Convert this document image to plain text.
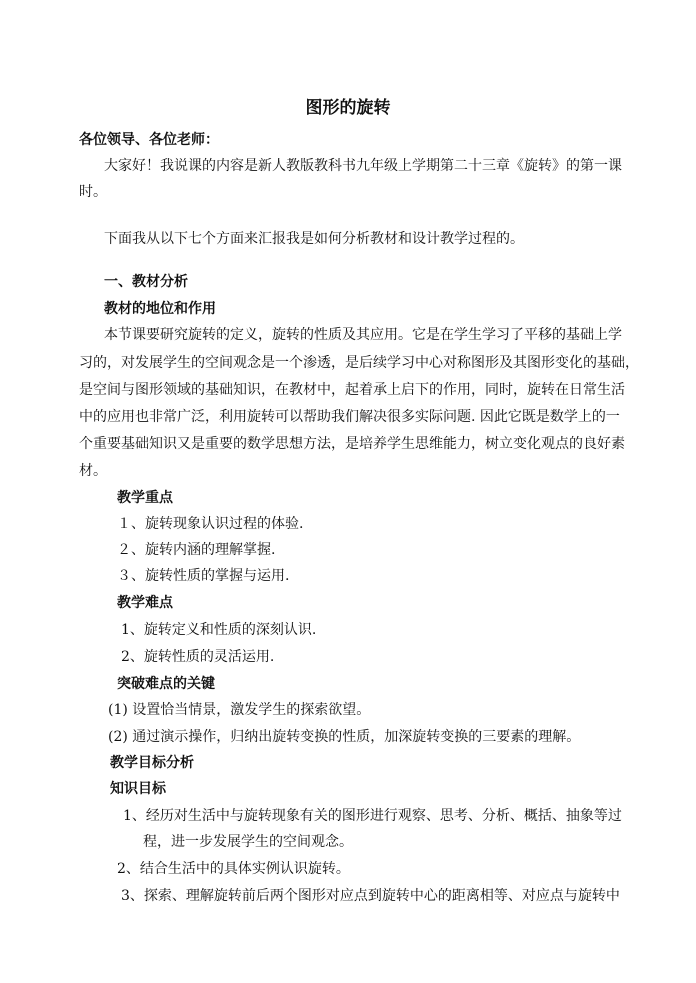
图形的旋转
各位领导、各位老师：
大家好！我说课的内容是新人教版教科书九年级上学期第二十三章《旋转》的第一课
时。
下面我从以下七个方面来汇报我是如何分析教材和设计教学过程的。
一、教材分析
教材的地位和作用
本节课要研究旋转的定义，旋转的性质及其应用。它是在学生学习了平移的基础上学
习的，对发展学生的空间观念是一个渗透，是后续学习中心对称图形及其图形变化的基础，
是空间与图形领域的基础知识，在教材中，起着承上启下的作用，同时，旋转在日常生活
中的应用也非常广泛，利用旋转可以帮助我们解决很多实际问题. 因此它既是数学上的一
个重要基础知识又是重要的数学思想方法，是培养学生思维能力，树立变化观点的良好素
材。
教学重点
１、旋转现象认识过程的体验.
２、旋转内涵的理解掌握.
３、旋转性质的掌握与运用.
教学难点
1、旋转定义和性质的深刻认识.
2、旋转性质的灵活运用.
突破难点的关键
(1) 设置恰当情景，激发学生的探索欲望。
(2) 通过演示操作，归纳出旋转变换的性质，加深旋转变换的三要素的理解。
教学目标分析
知识目标
1、经历对生活中与旋转现象有关的图形进行观察、思考、分析、概括、抽象等过
程，进一步发展学生的空间观念。
2、结合生活中的具体实例认识旋转。
3、探索、理解旋转前后两个图形对应点到旋转中心的距离相等、对应点与旋转中
